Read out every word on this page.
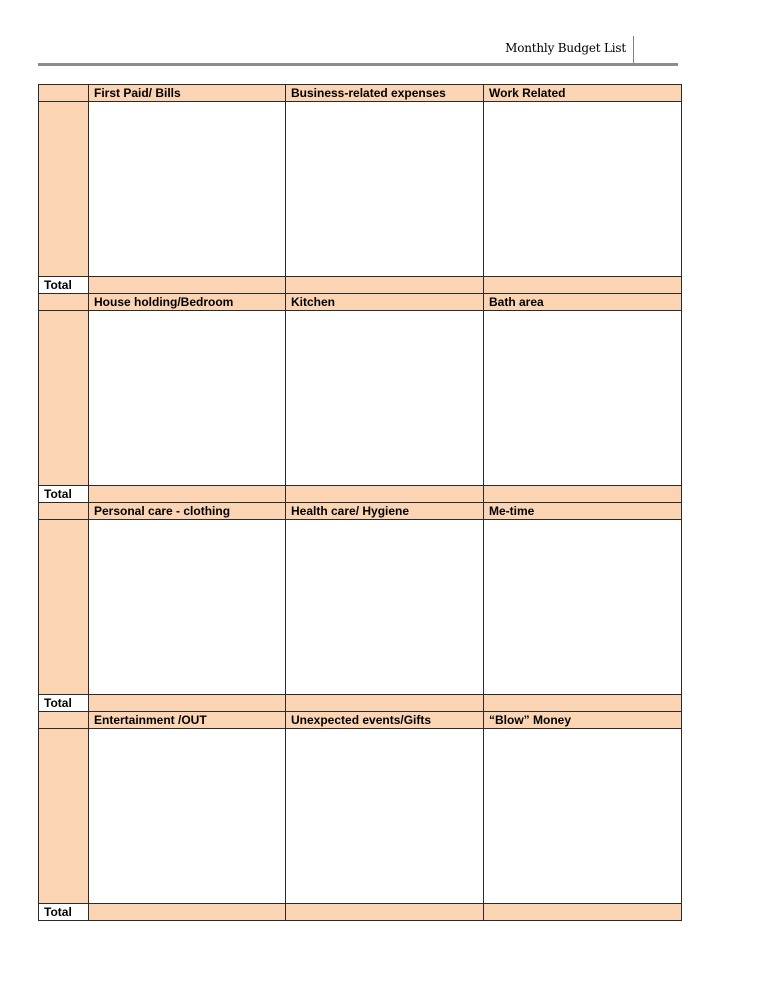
Monthly Budget List
	First Paid/ Bills	Business-related expenses	Work Related

Total			
	House holding/Bedroom	Kitchen	Bath area

Total			
	Personal care - clothing	Health care/ Hygiene	Me-time

Total			
	Entertainment /OUT	Unexpected events/Gifts	“Blow” Money

Total			
